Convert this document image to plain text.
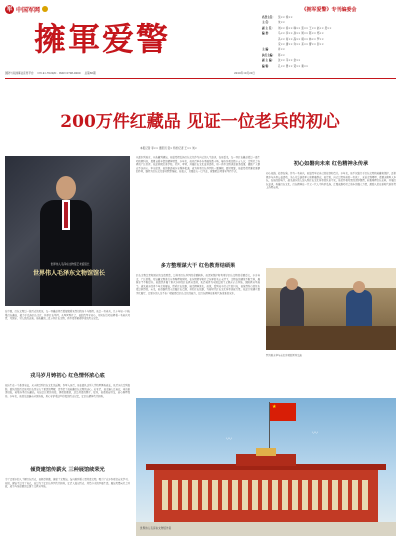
军 中国军网
擁軍爱警
国防与双拥事业宣传平台 CN 41-7020/D · ISSN 0708-0000 总第66期	2020年10月20日
《拥军爱警》专刊编委会
名誉主任：	吴×× 徐××
主 任：	朱××
副 主 任：	刘×× 汤×× 韩×× 张×× 王×× 赵×× 吴××
编 委：	马×× 李×× 孙×× 周×× 陈×× 郑××
冯×× 何×× 高×× 胡×× 林×× 罗××
宋×× 唐×× 许×× 邓×× 曹×× 彭××
主 编：	许××
执行主编：	蒋××
副 主 编：	沈×× 韦×× 金××
编 辑：	孔×× 曾×× 贺×× 秦××
200万件红藏品 见证一位老兵的初心
本报记者 李×× 通讯员 张× 特约记者 王×× 刘×
世界伟人毛泽东文物馆艺术馆馆长
世界伟人毛泽东文物馆馆长
在中国，红色文物是一段历史的见证，每一件藏品背后都凝聚着先烈们的奋斗与牺牲。他是一名老兵，几十年如一日收集红色藏品，致力于弘扬红色文化，传承红色基因。从军营到社会，他始终坚守初心，用实际行动诠释着一名老兵对党、对国家、对人民的忠诚。他收藏的二百万件红色文物，件件都承载着厚重的历史记忆。
戎马岁月铸初心 红色情怀浓心底
他出生在一个革命家庭，从小就受到红色文化的熏陶。参军入伍后，他在部队这所大学校里锤炼成长，先后多次受到表彰。部队的经历让他对红色历史有了更深的理解，也坚定了他收藏红色文物的决心。转业后，他走遍大江南北，寻访革命旧址，收集各类红色藏品。无论是泛黄的书信、斑驳的徽章，还是珍贵的照片、报刊，他都视若珍宝，悉心整理保存。多年来，他的足迹遍布全国各地，用心守护着这些珍贵的历史记忆，让红色精神代代相传。
倾资建馆传薪火 三种展馆续荣光
为了让更多的人了解红色历史，他倾尽积蓄，建起了文物馆。馆内陈列着大量珍贵文物，吸引了众多参观者前来学习。他说，建馆不是为了自己，而是为了让红色基因代代相传，让后人铭记历史、珍惜今天的幸福生活。展馆免费向社会开放，成为当地重要的爱国主义教育基地。
从部队到地方，从收藏到建馆，他始终把弘扬红色文化作为自己的人生追求。在他看来，每一件红色藏品都是一部生动的教科书，都蕴含着丰富的精神财富。多年来，他先后举办各类展览数十场，接待参观者数十万人次，受到社会各界的广泛好评。他还积极走进学校、社区、军营，开展红色文化宣讲活动，用一件件文物讲述革命故事，激励广大群众不忘初心、牢记使命。他的事迹被多家媒体报道，成为传承红色基因的一面旗帜。面对荣誉，他始终保持谦虚谨慎的作风，继续为红色文化事业默默奉献。他表示，只要还有一口气在，就要把这项事业坚持下去。
多方整理谋大干 红色教育结硕果
红色文物是党和国家的宝贵财富，是传承红色基因的重要载体。他深知保护和利用好红色文物的重要意义，多方奔走，广泛征集，对馆藏文物进行分类整理和研究。在各级领导和社会各界的关心支持下，文物馆的建设不断完善，展陈水平不断提升。他组织开展了形式多样的红色教育活动，先后被评为全国爱国主义教育示范基地、国防教育基地等。越来越多的青少年走进展馆，聆听红色故事，接受精神洗礼。他说，看到孩子们专注的目光，他觉得所有的付出都是值得的。未来，他将继续深入挖掘红色资源，讲好红色故事，为新时代红色文化传承贡献力量。他还计划建立数字化展厅，让更多的人足不出户就能感受红色文化的魅力，让红色精神在新时代焕发新的光彩。
初心如磐向未来 红色精神永传承
初心如磐，使命在肩。作为一名老兵，他始终牢记自己的使命和责任。多年来，他不仅致力于红色文物的收藏和保护，还积极参与各类公益活动，关心关爱退役军人和困难群众。他常说，自己是党培养的一名战士，无论走到哪里，都要永葆军人本色。在他的影响下，越来越多的人加入到红色文化传承的队伍中来。他们怀着对党的深厚感情，收集整理红色史料，开展红色宣讲，传播红色文化。红色精神在一代又一代人中传承弘扬，汇聚成推动社会进步的强大力量，激励人们在新时代新征程上奋勇前进。
图为陈永华与前来参观的领导交流
★
〰
〰
世界伟人毛泽东文物馆外景
